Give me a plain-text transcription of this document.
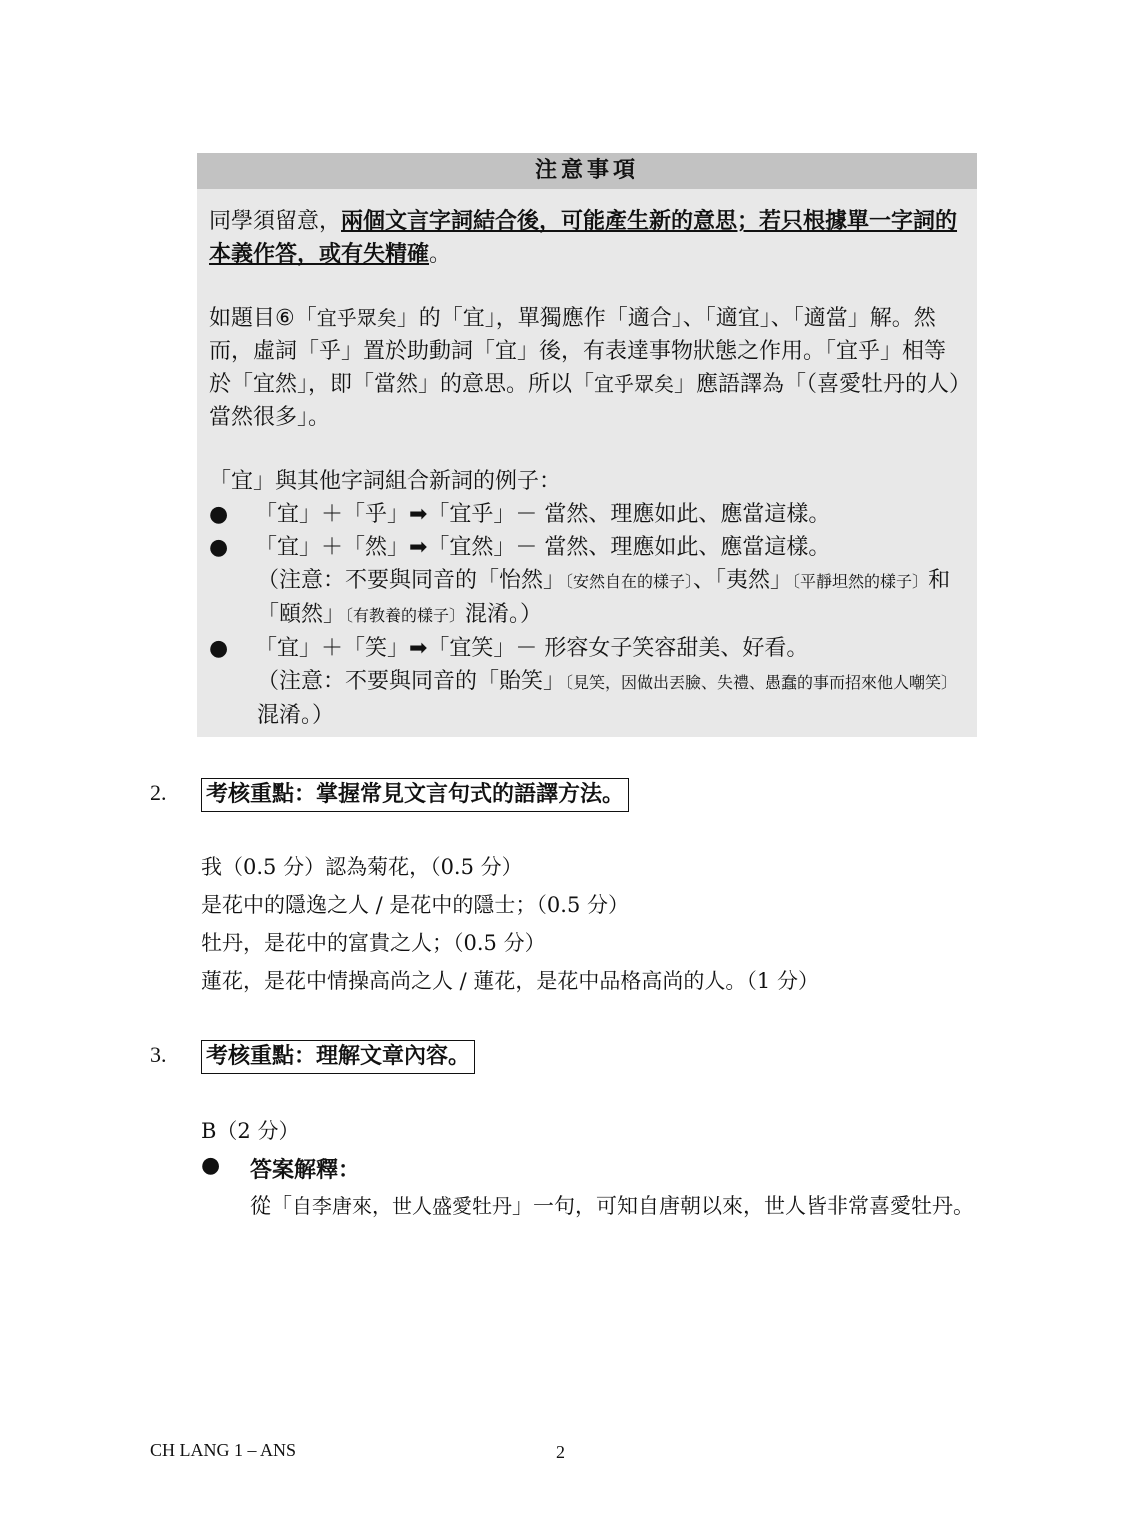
注意事項

同學須留意，兩個文言字詞結合後，可能產生新的意思；若只根據單一字詞的本義作答，或有失精確。

如題目⑥「宜乎眾矣」的「宜」，單獨應作「適合」、「適宜」、「適當」解。然而，虛詞「乎」置於助動詞「宜」後，有表達事物狀態之作用。「宜乎」相等於「宜然」，即「當然」的意思。所以「宜乎眾矣」應語譯為「（喜愛牡丹的人）當然很多」。

「宜」與其他字詞組合新詞的例子：

●	「宜」＋「乎」➡「宜乎」－ 當然、理應如此、應當這樣。
●	「宜」＋「然」➡「宜然」－ 當然、理應如此、應當這樣。

（注意：不要與同音的「怡然」〔安然自在的樣子〕、「夷然」〔平靜坦然的樣子〕和「頤然」〔有教養的樣子〕混淆。）

●	「宜」＋「笑」➡「宜笑」－ 形容女子笑容甜美、好看。

（注意：不要與同音的「貽笑」〔見笑，因做出丟臉、失禮、愚蠢的事而招來他人嘲笑〕混淆。）

2. 考核重點：掌握常見文言句式的語譯方法。
我（0.5 分）認為菊花，（0.5 分）
是花中的隱逸之人 / 是花中的隱士；（0.5 分）
牡丹，是花中的富貴之人；（0.5 分）
蓮花，是花中情操高尚之人 / 蓮花，是花中品格高尚的人。（1 分）
3. 考核重點：理解文章內容。
B（2 分）
● 答案解釋：
從「自李唐來，世人盛愛牡丹」一句，可知自唐朝以來，世人皆非常喜愛牡丹。
CH LANG 1 – ANS	2
